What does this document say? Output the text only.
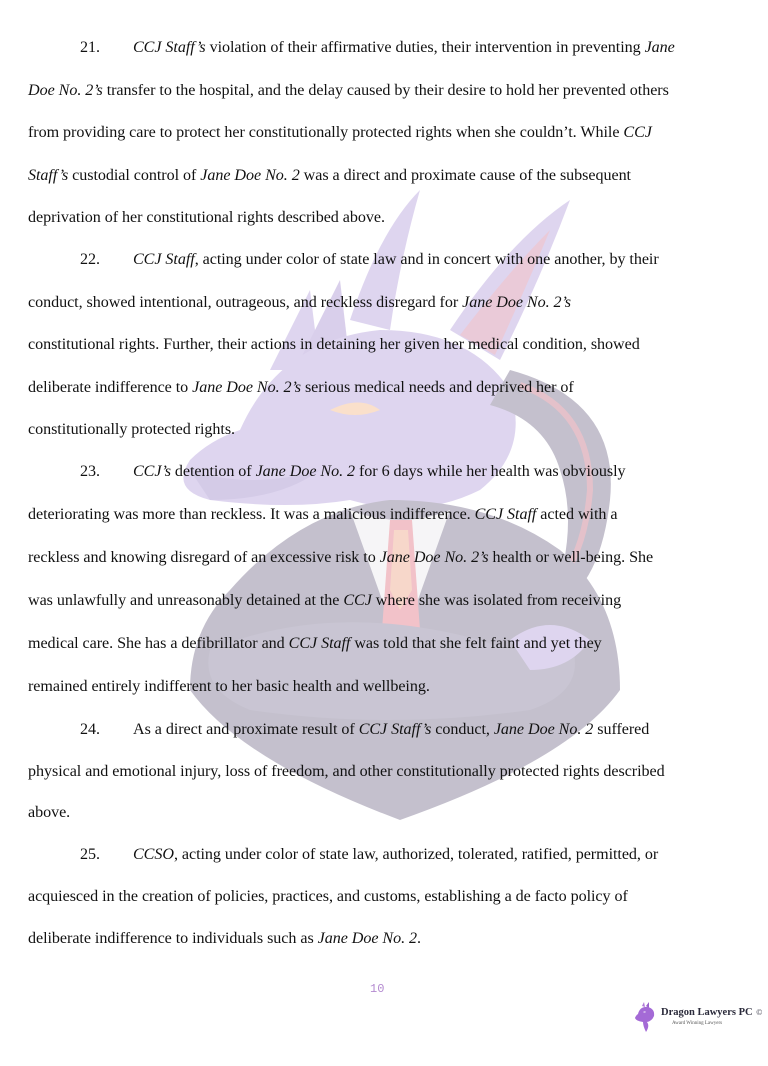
21. CCJ Staff’s violation of their affirmative duties, their intervention in preventing Jane
Doe No. 2’s transfer to the hospital, and the delay caused by their desire to hold her prevented others
from providing care to protect her constitutionally protected rights when she couldn’t. While CCJ
Staff’s custodial control of Jane Doe No. 2 was a direct and proximate cause of the subsequent
deprivation of her constitutional rights described above.
22. CCJ Staff, acting under color of state law and in concert with one another, by their
conduct, showed intentional, outrageous, and reckless disregard for Jane Doe No. 2’s
constitutional rights. Further, their actions in detaining her given her medical condition, showed
deliberate indifference to Jane Doe No. 2’s serious medical needs and deprived her of
constitutionally protected rights.
23. CCJ’s detention of Jane Doe No. 2 for 6 days while her health was obviously
deteriorating was more than reckless. It was a malicious indifference. CCJ Staff acted with a
reckless and knowing disregard of an excessive risk to Jane Doe No. 2’s health or well-being. She
was unlawfully and unreasonably detained at the CCJ where she was isolated from receiving
medical care. She has a defibrillator and CCJ Staff was told that she felt faint and yet they
remained entirely indifferent to her basic health and wellbeing.
24. As a direct and proximate result of CCJ Staff’s conduct, Jane Doe No. 2 suffered
physical and emotional injury, loss of freedom, and other constitutionally protected rights described
above.
25. CCSO, acting under color of state law, authorized, tolerated, ratified, permitted, or
acquiesced in the creation of policies, practices, and customs, establishing a de facto policy of
deliberate indifference to individuals such as Jane Doe No. 2.
10
Dragon Lawyers PC ©
Award Winning Lawyers
